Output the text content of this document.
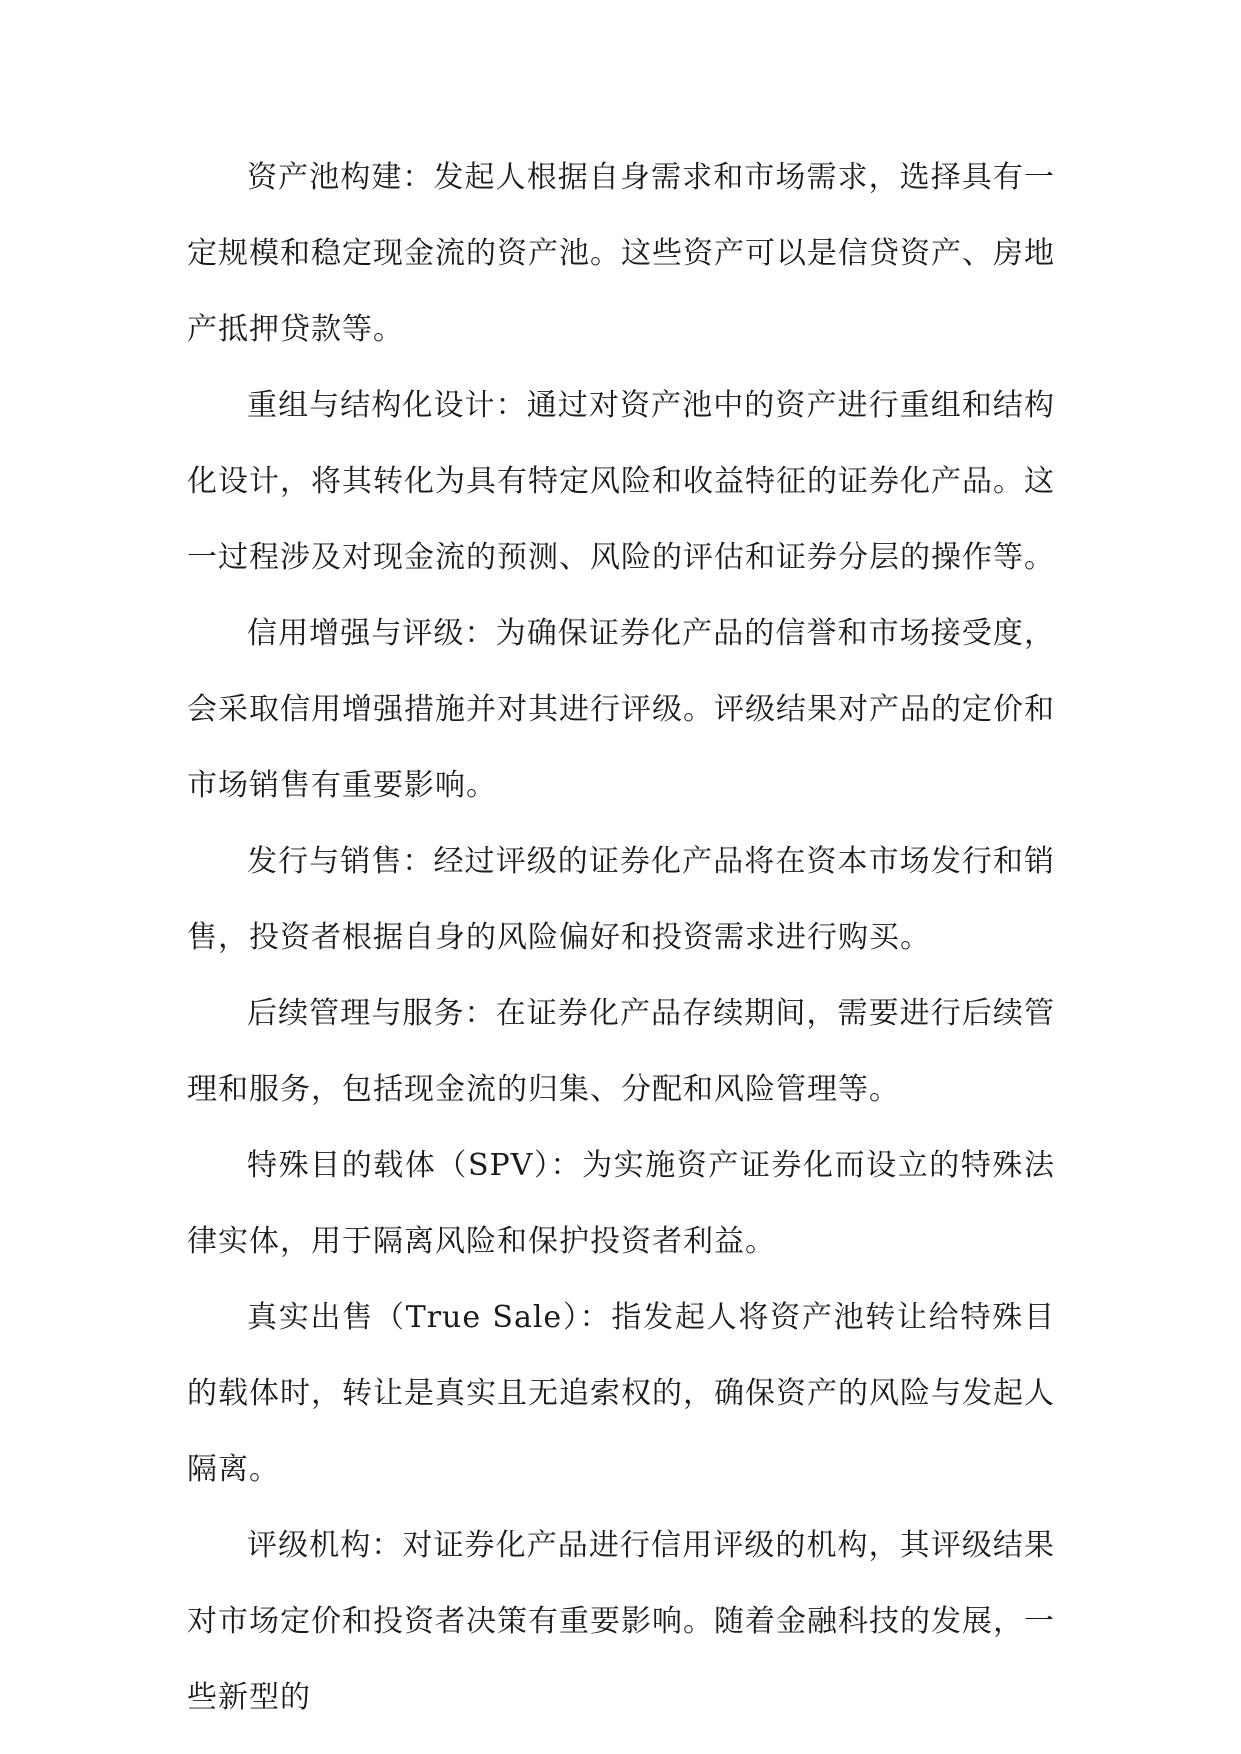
资产池构建：发起人根据自身需求和市场需求，选择具有一定规模和稳定现金流的资产池。这些资产可以是信贷资产、房地产抵押贷款等。

重组与结构化设计：通过对资产池中的资产进行重组和结构化设计，将其转化为具有特定风险和收益特征的证券化产品。这一过程涉及对现金流的预测、风险的评估和证券分层的操作等。

信用增强与评级：为确保证券化产品的信誉和市场接受度，会采取信用增强措施并对其进行评级。评级结果对产品的定价和市场销售有重要影响。

发行与销售：经过评级的证券化产品将在资本市场发行和销售，投资者根据自身的风险偏好和投资需求进行购买。

后续管理与服务：在证券化产品存续期间，需要进行后续管理和服务，包括现金流的归集、分配和风险管理等。

特殊目的载体（SPV）：为实施资产证券化而设立的特殊法律实体，用于隔离风险和保护投资者利益。

真实出售（True Sale）：指发起人将资产池转让给特殊目的载体时，转让是真实且无追索权的，确保资产的风险与发起人隔离。

评级机构：对证券化产品进行信用评级的机构，其评级结果对市场定价和投资者决策有重要影响。随着金融科技的发展，一些新型的
